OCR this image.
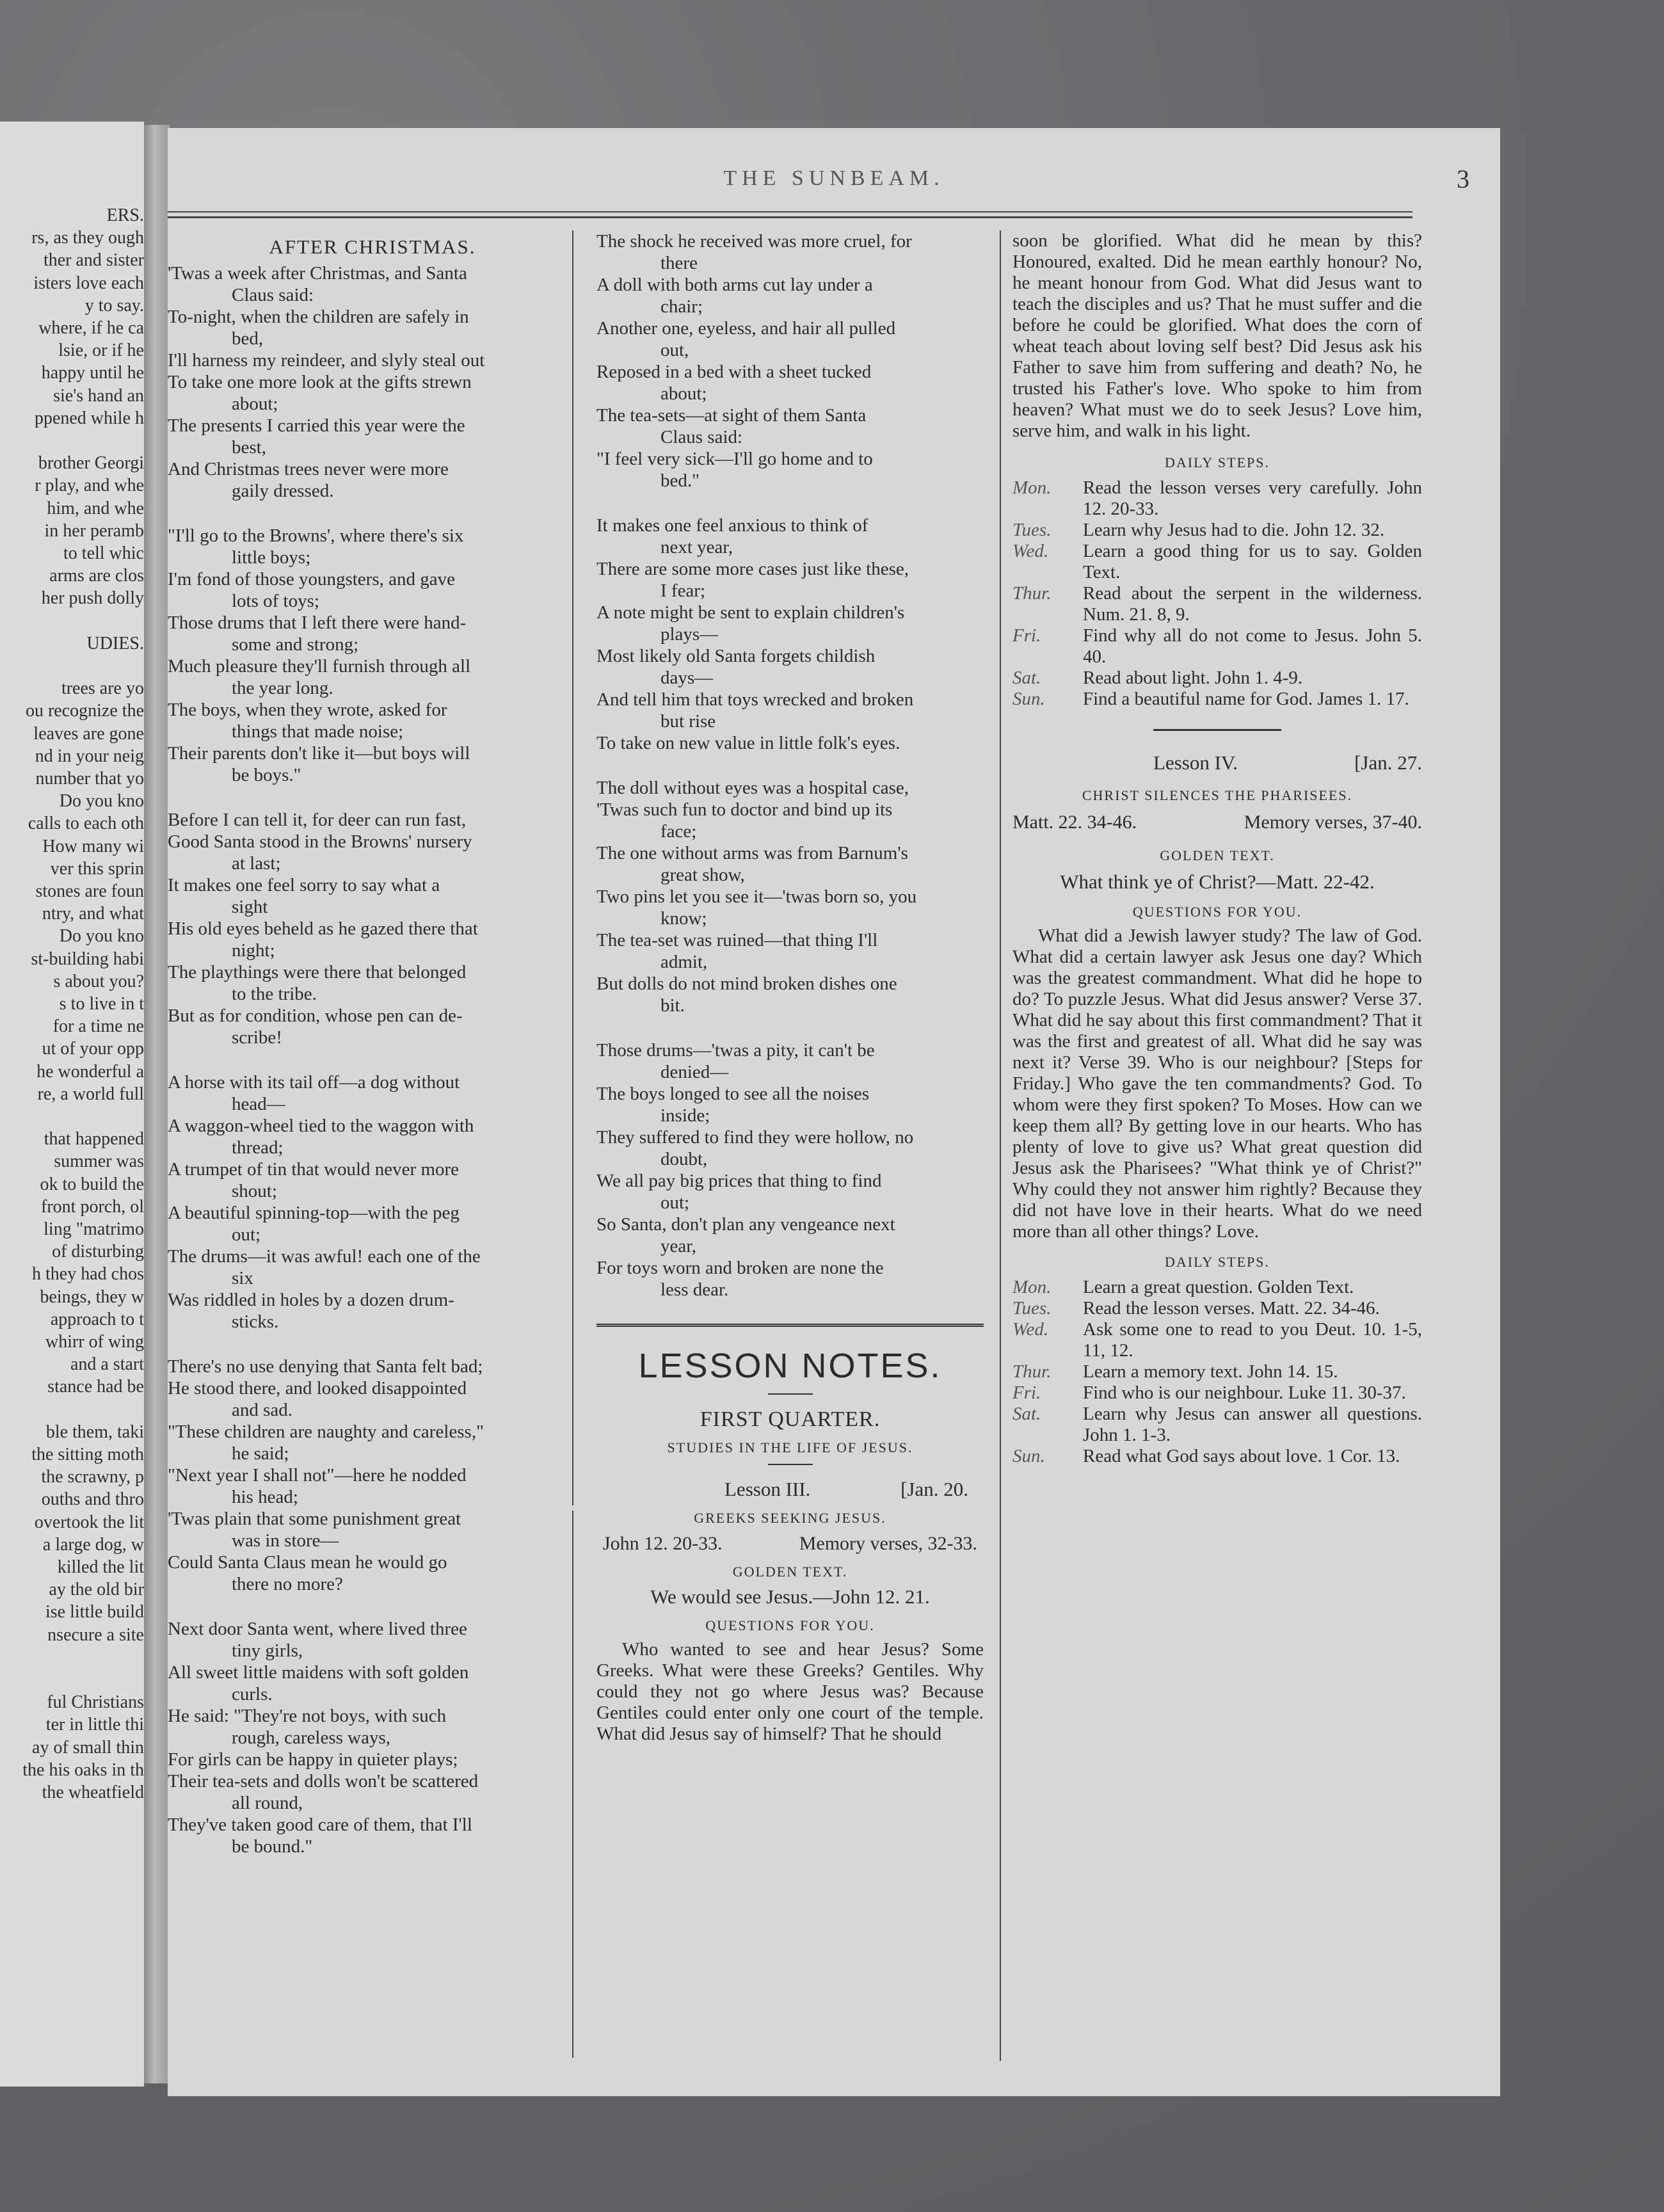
ERS.
rs, as they ough
ther and sister
isters love each
y to say.
where, if he ca
lsie, or if he
happy until he
sie's hand an
ppened while h
brother Georgi
r play, and whe
him, and whe
in her peramb
to tell whic
arms are clos
her push dolly
UDIES.
trees are yo
ou recognize the
leaves are gone
nd in your neig
number that yo
Do you kno
calls to each oth
How many wi
ver this sprin
stones are foun
ntry, and what
Do you kno
st-building habi
s about you?
s to live in t
for a time ne
ut of your opp
he wonderful a
re, a world full
that happened
summer was
ok to build the
front porch, ol
ling "matrimo
of disturbing
h they had chos
beings, they w
approach to t
whirr of wing
and a start
stance had be
ble them, taki
the sitting moth
the scrawny, p
ouths and thro
overtook the lit
a large dog, w
killed the lit
ay the old bir
ise little build
nsecure a site
ful Christians
ter in little thi
ay of small thin
the his oaks in th
the wheatfield
THE SUNBEAM.	3
AFTER CHRISTMAS.

'Twas a week after Christmas, and Santa
Claus said:

To-night, when the children are safely in
bed,

I'll harness my reindeer, and slyly steal out

To take one more look at the gifts strewn
about;

The presents I carried this year were the
best,

And Christmas trees never were more
gaily dressed.

"I'll go to the Browns', where there's six
little boys;

I'm fond of those youngsters, and gave
lots of toys;

Those drums that I left there were hand-
some and strong;

Much pleasure they'll furnish through all
the year long.

The boys, when they wrote, asked for
things that made noise;

Their parents don't like it—but boys will
be boys."

Before I can tell it, for deer can run fast,

Good Santa stood in the Browns' nursery
at last;

It makes one feel sorry to say what a
sight

His old eyes beheld as he gazed there that
night;

The playthings were there that belonged
to the tribe.

But as for condition, whose pen can de-
scribe!

A horse with its tail off—a dog without
head—

A waggon-wheel tied to the waggon with
thread;

A trumpet of tin that would never more
shout;

A beautiful spinning-top—with the peg
out;

The drums—it was awful! each one of the
six

Was riddled in holes by a dozen drum-
sticks.

There's no use denying that Santa felt bad;

He stood there, and looked disappointed
and sad.

"These children are naughty and careless,"
he said;

"Next year I shall not"—here he nodded
his head;

'Twas plain that some punishment great
was in store—

Could Santa Claus mean he would go
there no more?

Next door Santa went, where lived three
tiny girls,

All sweet little maidens with soft golden
curls.

He said: "They're not boys, with such
rough, careless ways,

For girls can be happy in quieter plays;

Their tea-sets and dolls won't be scattered
all round,

They've taken good care of them, that I'll
be bound."

The shock he received was more cruel, for
there

A doll with both arms cut lay under a
chair;

Another one, eyeless, and hair all pulled
out,

Reposed in a bed with a sheet tucked
about;

The tea-sets—at sight of them Santa
Claus said:

"I feel very sick—I'll go home and to
bed."

It makes one feel anxious to think of
next year,

There are some more cases just like these,
I fear;

A note might be sent to explain children's
plays—

Most likely old Santa forgets childish
days—

And tell him that toys wrecked and broken
but rise

To take on new value in little folk's eyes.

The doll without eyes was a hospital case,

'Twas such fun to doctor and bind up its
face;

The one without arms was from Barnum's
great show,

Two pins let you see it—'twas born so, you
know;

The tea-set was ruined—that thing I'll
admit,

But dolls do not mind broken dishes one
bit.

Those drums—'twas a pity, it can't be
denied—

The boys longed to see all the noises
inside;

They suffered to find they were hollow, no
doubt,

We all pay big prices that thing to find
out;

So Santa, don't plan any vengeance next
year,

For toys worn and broken are none the
less dear.

LESSON NOTES.
FIRST QUARTER.
STUDIES IN THE LIFE OF JESUS.
Lesson III.	[Jan. 20.
GREEKS SEEKING JESUS.
John 12. 20-33.	Memory verses, 32-33.
GOLDEN TEXT.
We would see Jesus.—John 12. 21.
QUESTIONS FOR YOU.

Who wanted to see and hear Jesus? Some Greeks. What were these Greeks? Gentiles. Why could they not go where Jesus was? Because Gentiles could enter only one court of the temple. What did Jesus say of himself? That he should

soon be glorified. What did he mean by this? Honoured, exalted. Did he mean earthly honour? No, he meant honour from God. What did Jesus want to teach the disciples and us? That he must suffer and die before he could be glorified. What does the corn of wheat teach about loving self best? Did Jesus ask his Father to save him from suffering and death? No, he trusted his Father's love. Who spoke to him from heaven? What must we do to seek Jesus? Love him, serve him, and walk in his light.

DAILY STEPS.
Mon.	Read the lesson verses very carefully. John 12. 20-33.
Tues.	Learn why Jesus had to die. John 12. 32.
Wed.	Learn a good thing for us to say. Golden Text.
Thur.	Read about the serpent in the wilderness. Num. 21. 8, 9.
Fri.	Find why all do not come to Jesus. John 5. 40.
Sat.	Read about light. John 1. 4-9.
Sun.	Find a beautiful name for God. James 1. 17.
Lesson IV.	[Jan. 27.
CHRIST SILENCES THE PHARISEES.
Matt. 22. 34-46.	Memory verses, 37-40.
GOLDEN TEXT.
What think ye of Christ?—Matt. 22-42.
QUESTIONS FOR YOU.

What did a Jewish lawyer study? The law of God. What did a certain lawyer ask Jesus one day? Which was the greatest commandment. What did he hope to do? To puzzle Jesus. What did Jesus answer? Verse 37. What did he say about this first commandment? That it was the first and greatest of all. What did he say was next it? Verse 39. Who is our neighbour? [Steps for Friday.] Who gave the ten commandments? God. To whom were they first spoken? To Moses. How can we keep them all? By getting love in our hearts. Who has plenty of love to give us? What great question did Jesus ask the Pharisees? "What think ye of Christ?" Why could they not answer him rightly? Because they did not have love in their hearts. What do we need more than all other things? Love.

DAILY STEPS.
Mon.	Learn a great question. Golden Text.
Tues.	Read the lesson verses. Matt. 22. 34-46.
Wed.	Ask some one to read to you Deut. 10. 1-5, 11, 12.
Thur.	Learn a memory text. John 14. 15.
Fri.	Find who is our neighbour. Luke 11. 30-37.
Sat.	Learn why Jesus can answer all questions. John 1. 1-3.
Sun.	Read what God says about love. 1 Cor. 13.
